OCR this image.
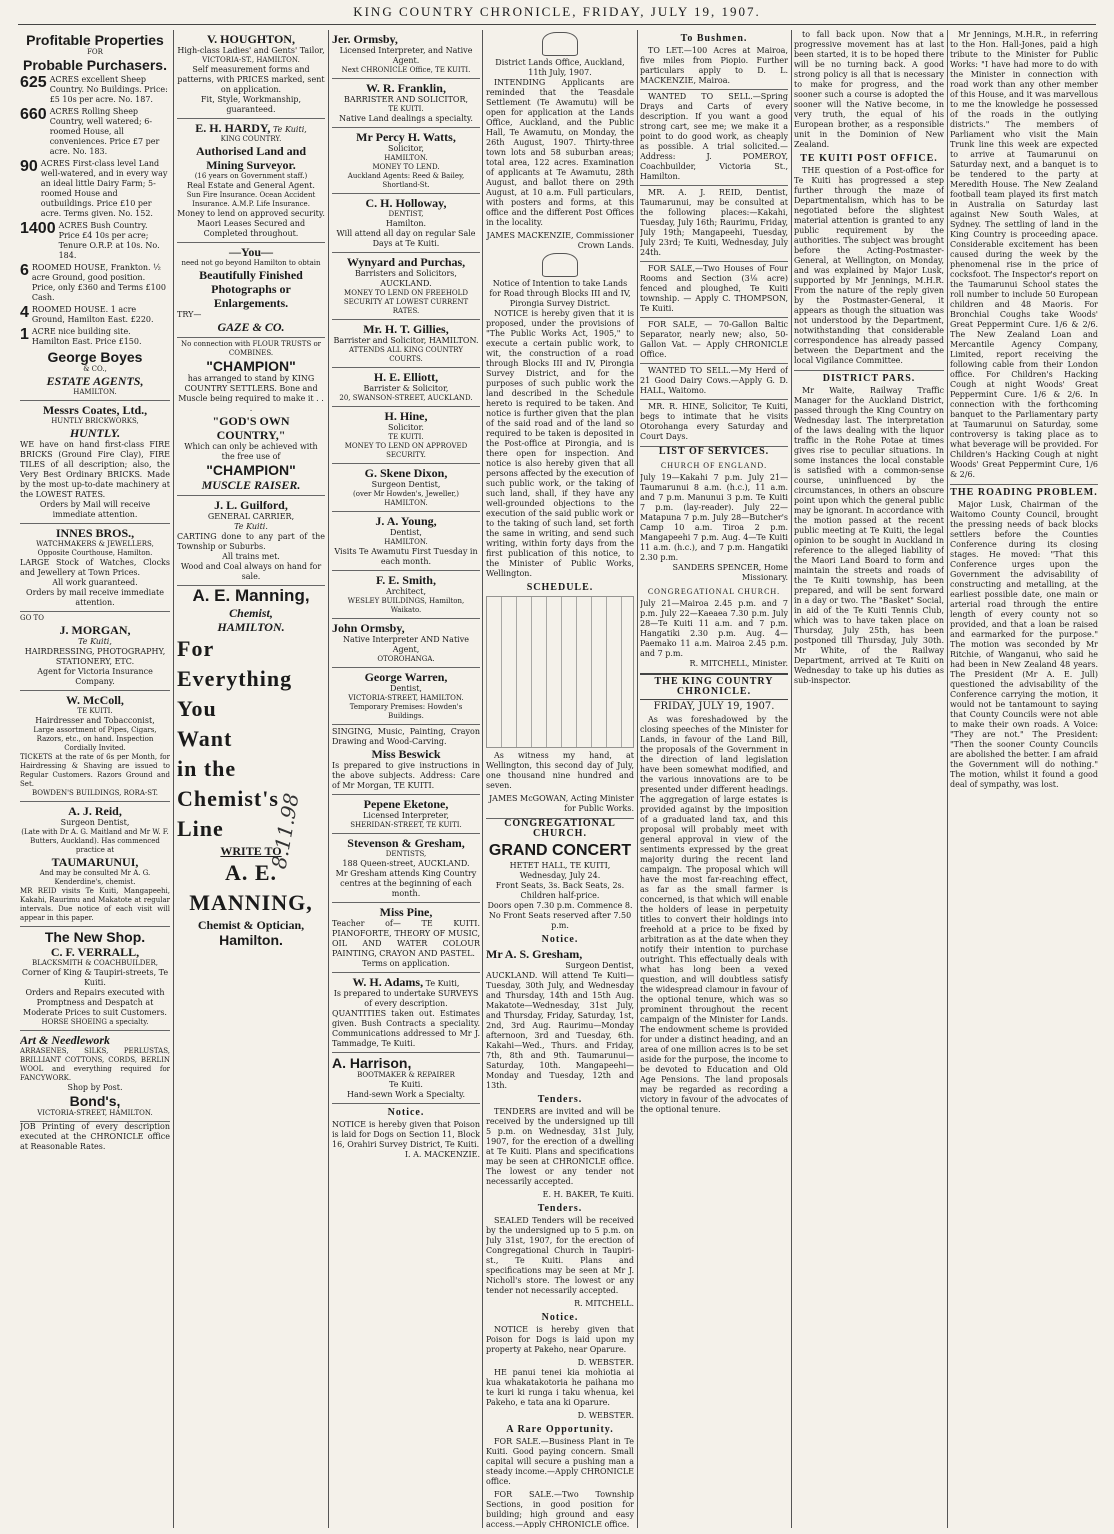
KING COUNTRY CHRONICLE, FRIDAY, JULY 19, 1907.
Profitable Properties
FOR
Probable Purchasers.
625 ACRES excellent Sheep Country. No Buildings. Price: £5 10s per acre. No. 187.
660 ACRES Rolling Sheep Country, well watered; 6-roomed House, all conveniences. Price £7 per acre. No. 183.
90 ACRES First-class level Land well-watered, and in every way an ideal little Dairy Farm; 5-roomed House and outbuildings. Price £10 per acre. Terms given. No. 152.
1400 ACRES Bush Country. Price £4 10s per acre; Tenure O.R.P. at 10s. No. 184.
6 ROOMED HOUSE, Frankton. ½ acre Ground, good position. Price, only £360 and Terms £100 Cash.
4 ROOMED HOUSE. 1 acre Ground, Hamilton East. £220.
1 ACRE nice building site. Hamilton East. Price £150.
George Boyes
& CO.,
ESTATE AGENTS,
HAMILTON.
Messrs Coates, Ltd.,
HUNTLY BRICKWORKS,
HUNTLY.
WE have on hand first-class FIRE BRICKS (Ground Fire Clay), FIRE TILES of all description; also, the Very Best Ordinary BRICKS. Made by the most up-to-date machinery at the LOWEST RATES.
Orders by Mail will receive immediate attention.
INNES BROS.,
WATCHMAKERS & JEWELLERS,
Opposite Courthouse, Hamilton.
LARGE Stock of Watches, Clocks and Jewellery at Town Prices.
All work guaranteed.
Orders by mail receive immediate attention.
GO TO
J. MORGAN,
Te Kuiti,
HAIRDRESSING, PHOTOGRAPHY, STATIONERY, ETC.
Agent for Victoria Insurance Company.
W. McColl,
TE KUITI.
Hairdresser and Tobacconist,
Large assortment of Pipes, Cigars, Razors, etc., on hand. Inspection Cordially Invited.
TICKETS at the rate of 6s per Month, for Hairdressing & Shaving are issued to Regular Customers. Razors Ground and Set.
BOWDEN'S BUILDINGS, RORA-ST.
A. J. Reid,
Surgeon Dentist,
(Late with Dr A. G. Maitland and Mr W. F. Butters, Auckland). Has commenced practice at
TAUMARUNUI,
And may be consulted Mr A. G. Kenderdine's, chemist.
MR REID visits Te Kuiti, Mangapeehi, Kakahi, Raurimu and Makatote at regular intervals. Due notice of each visit will appear in this paper.
The New Shop.
C. F. VERRALL,
BLACKSMITH & COACHBUILDER,
Corner of King & Taupiri-streets, Te Kuiti.
Orders and Repairs executed with Promptness and Despatch at Moderate Prices to suit Customers.
HORSE SHOEING a specialty.
Art & Needlework
ARRASENES, SILKS, PERLUSTAS, BRILLIANT COTTONS, CORDS, BERLIN WOOL and everything required for FANCYWORK.
Shop by Post.
Bond's,
VICTORIA-STREET, HAMILTON.
JOB Printing of every description executed at the CHRONICLE office at Reasonable Rates.
V. HOUGHTON,
High-class Ladies' and Gents' Tailor,
VICTORIA-ST., HAMILTON.
Self measurement forms and patterns, with PRICES marked, sent on application.
Fit, Style, Workmanship, guaranteed.
E. H. HARDY, Te Kuiti,
KING COUNTRY.
Authorised Land and Mining Surveyor.
(16 years on Government staff.)
Real Estate and General Agent.
Sun Fire Insurance. Ocean Accident Insurance. A.M.P. Life Insurance.
Money to lend on approved security.
Maori Leases Secured and Completed throughout.
—You—
need not go beyond Hamilton to obtain
Beautifully Finished Photographs or Enlargements.
TRY—
GAZE & CO.
No connection with FLOUR TRUSTS or COMBINES.
"CHAMPION"
has arranged to stand by KING COUNTRY SETTLERS. Bone and Muscle being required to make it . . .
"GOD'S OWN COUNTRY,"
Which can only be achieved with the free use of
"CHAMPION"
MUSCLE RAISER.
J. L. Guilford,
GENERAL CARRIER,
Te Kuiti.
CARTING done to any part of the Township or Suburbs.
All trains met.
Wood and Coal always on hand for sale.
A. E. Manning,
Chemist,
HAMILTON.
For
Everything
You
Want
in the
Chemist's
Line
WRITE TO
A. E.
MANNING,
Chemist & Optician,
Hamilton.
8.11.98
Jer. Ormsby,
Licensed Interpreter, and Native Agent.
Next CHRONICLE Office, TE KUITI.
W. R. Franklin,
BARRISTER AND SOLICITOR,
TE KUITI.
Native Land dealings a specialty.
Mr Percy H. Watts,
Solicitor,
HAMILTON.
MONEY TO LEND.
Auckland Agents: Reed & Bailey, Shortland-St.
C. H. Holloway,
DENTIST,
Hamilton.
Will attend all day on regular Sale Days at Te Kuiti.
Wynyard and Purchas,
Barristers and Solicitors, AUCKLAND.
MONEY TO LEND ON FREEHOLD SECURITY AT LOWEST CURRENT RATES.
Mr. H. T. Gillies,
Barrister and Solicitor, HAMILTON.
ATTENDS ALL KING COUNTRY COURTS.
H. E. Elliott,
Barrister & Solicitor,
20, SWANSON-STREET, AUCKLAND.
H. Hine,
Solicitor.
TE KUITI.
MONEY TO LEND ON APPROVED SECURITY.
G. Skene Dixon,
Surgeon Dentist,
(over Mr Howden's, Jeweller,) HAMILTON.
J. A. Young,
Dentist,
HAMILTON.
Visits Te Awamutu First Tuesday in each month.
F. E. Smith,
Architect,
WESLEY BUILDINGS, Hamilton, Waikato.
John Ormsby,
Native Interpreter AND Native Agent,
OTOROHANGA.
George Warren,
Dentist,
VICTORIA-STREET, HAMILTON.
Temporary Premises: Howden's Buildings.
SINGING, Music, Painting, Crayon Drawing and Wood-Carving.
Miss Beswick
Is prepared to give instructions in the above subjects. Address: Care of Mr Morgan, TE KUITI.
Pepene Eketone,
Licensed Interpreter,
SHERIDAN-STREET, TE KUITI.
Stevenson & Gresham,
DENTISTS,
188 Queen-street, AUCKLAND.
Mr Gresham attends King Country centres at the beginning of each month.
Miss Pine,
Teacher of— TE KUITI. PIANOFORTE, THEORY OF MUSIC, OIL AND WATER COLOUR PAINTING, CRAYON AND PASTEL.
Terms on application.
W. H. Adams, Te Kuiti,
Is prepared to undertake SURVEYS of every description.
QUANTITIES taken out. Estimates given. Bush Contracts a speciality. Communications addressed to Mr J. Tammadge, Te Kuiti.
A. Harrison,
BOOTMAKER & REPAIRER
Te Kuiti.
Hand-sewn Work a Specialty.
Notice.
NOTICE is hereby given that Poison is laid for Dogs on Section 11, Block 16, Orahiri Survey District, Te Kuiti.
I. A. MACKENZIE.
District Lands Office, Auckland, 11th July, 1907.

INTENDING Applicants are reminded that the Teasdale Settlement (Te Awamutu) will be open for application at the Lands Office, Auckland, and the Public Hall, Te Awamutu, on Monday, the 26th August, 1907. Thirty-three town lots and 58 suburban areas; total area, 122 acres. Examination of applicants at Te Awamutu, 28th August, and ballot there on 29th August, at 10 a.m. Full particulars, with posters and forms, at this office and the different Post Offices in the locality.

JAMES MACKENZIE, Commissioner Crown Lands.
Notice of Intention to take Lands for Road through Blocks III and IV, Pirongia Survey District.

NOTICE is hereby given that it is proposed, under the provisions of "The Public Works Act, 1905," to execute a certain public work, to wit, the construction of a road through Blocks III and IV, Pirongia Survey District, and for the purposes of such public work the land described in the Schedule hereto is required to be taken. And notice is further given that the plan of the said road and of the land so required to be taken is deposited in the Post-office at Pirongia, and is there open for inspection. And notice is also hereby given that all persons affected by the execution of such public work, or the taking of such land, shall, if they have any well-grounded objections to the execution of the said public work or to the taking of such land, set forth the same in writing, and send such writing, within forty days from the first publication of this notice, to the Minister of Public Works, Wellington.

SCHEDULE.

As witness my hand, at Wellington, this second day of July, one thousand nine hundred and seven.

JAMES McGOWAN, Acting Minister for Public Works.
CONGREGATIONAL CHURCH.
GRAND CONCERT
HETET HALL, TE KUITI, Wednesday, July 24.
Front Seats, 3s. Back Seats, 2s. Children half-price.
Doors open 7.30 p.m. Commence 8. No Front Seats reserved after 7.50 p.m.
Notice.
Mr A. S. Gresham,
Surgeon Dentist,
AUCKLAND. Will attend Te Kuiti—Tuesday, 30th July, and Wednesday and Thursday, 14th and 15th Aug. Makatote—Wednesday, 31st July, and Thursday, Friday, Saturday, 1st, 2nd, 3rd Aug. Raurimu—Monday afternoon, 3rd and Tuesday, 6th. Kakahi—Wed., Thurs. and Friday, 7th, 8th and 9th. Taumarunui—Saturday, 10th. Mangapeehi—Monday and Tuesday, 12th and 13th.
Tenders.

TENDERS are invited and will be received by the undersigned up till 5 p.m. on Wednesday, 31st July, 1907, for the erection of a dwelling at Te Kuiti. Plans and specifications may be seen at CHRONICLE office. The lowest or any tender not necessarily accepted.

E. H. BAKER, Te Kuiti.
Tenders.

SEALED Tenders will be received by the undersigned up to 5 p.m. on July 31st, 1907, for the erection of Congregational Church in Taupiri-st., Te Kuiti. Plans and specifications may be seen at Mr J. Nicholl's store. The lowest or any tender not necessarily accepted.

R. MITCHELL.
Notice.

NOTICE is hereby given that Poison for Dogs is laid upon my property at Pakeho, near Oparure.

D. WEBSTER.

HE panui tenei kia mohiotia ai kua whakatakotoria he paihana mo te kuri ki runga i taku whenua, kei Pakeho, e tata ana ki Oparure.

D. WEBSTER.
A Rare Opportunity.

FOR SALE.—Business Plant in Te Kuiti. Good paying concern. Small capital will secure a pushing man a steady income.—Apply CHRONICLE office.

FOR SALE.—Two Township Sections, in good position for building; high ground and easy access.—Apply CHRONICLE office.

To Bushmen.

TO LET.—100 Acres at Mairoa, five miles from Piopio. Further particulars apply to D. L. MACKENZIE, Mairoa.

WANTED TO SELL.—Spring Drays and Carts of every description. If you want a good strong cart, see me; we make it a point to do good work, as cheaply as possible. A trial solicited.—Address: J. POMEROY, Coachbuilder, Victoria St., Hamilton.

MR. A. J. REID, Dentist, Taumarunui, may be consulted at the following places:—Kakahi, Tuesday, July 16th; Raurimu, Friday, July 19th; Mangapeehi, Tuesday, July 23rd; Te Kuiti, Wednesday, July 24th.

FOR SALE,—Two Houses of Four Rooms and Section (3⅛ acre) fenced and ploughed, Te Kuiti township. — Apply C. THOMPSON, Te Kuiti.

FOR SALE, — 70-Gallon Baltic Separator, nearly new; also, 50-Gallon Vat. — Apply CHRONICLE Office.

WANTED TO SELL.—My Herd of 21 Good Dairy Cows.—Apply G. D. HALL, Waitomo.

MR. R. HINE, Solicitor, Te Kuiti, begs to intimate that he visits Otorohanga every Saturday and Court Days.

LIST OF SERVICES.
CHURCH OF ENGLAND.
July 19—Kakahi 7 p.m. July 21—Taumarunui 8 a.m. (h.c.), 11 a.m. and 7 p.m. Manunui 3 p.m. Te Kuiti 7 p.m. (lay-reader). July 22—Matapuna 7 p.m. July 28—Butcher's Camp 10 a.m. Tiroa 2 p.m. Mangapeehi 7 p.m. Aug. 4—Te Kuiti 11 a.m. (h.c.), and 7 p.m. Hangatiki 2.30 p.m.
SANDERS SPENCER, Home Missionary.
CONGREGATIONAL CHURCH.
July 21—Mairoa 2.45 p.m. and 7 p.m. July 22—Kaeaea 7.30 p.m. July 28—Te Kuiti 11 a.m. and 7 p.m. Hangatiki 2.30 p.m. Aug. 4—Paemako 11 a.m. Mairoa 2.45 p.m. and 7 p.m.
R. MITCHELL, Minister.
THE KING COUNTRY CHRONICLE.
FRIDAY, JULY 19, 1907.

As was foreshadowed by the closing speeches of the Minister for Lands, in favour of the Land Bill, the proposals of the Government in the direction of land legislation have been somewhat modified, and the various innovations are to be presented under different headings. The aggregation of large estates is provided against by the imposition of a graduated land tax, and this proposal will probably meet with general approval in view of the sentiments expressed by the great majority during the recent land campaign. The proposal which will have the most far-reaching effect, as far as the small farmer is concerned, is that which will enable the holders of lease in perpetuity titles to convert their holdings into freehold at a price to be fixed by arbitration as at the date when they notify their intention to purchase outright. This effectually deals with what has long been a vexed question, and will doubtless satisfy the widespread clamour in favour of the optional tenure, which was so prominent throughout the recent campaign of the Minister for Lands. The endowment scheme is provided for under a distinct heading, and an area of one million acres is to be set aside for the purpose, the income to be devoted to Education and Old Age Pensions. The land proposals may be regarded as recording a victory in favour of the advocates of the optional tenure.

to fall back upon. Now that a progressive movement has at last been started, it is to be hoped there will be no turning back. A good strong policy is all that is necessary to make for progress, and the sooner such a course is adopted the sooner will the Native become, in very truth, the equal of his European brother, as a responsible unit in the Dominion of New Zealand.

TE KUITI POST OFFICE.

THE question of a Post-office for Te Kuiti has progressed a step further through the maze of Departmentalism, which has to be negotiated before the slightest material attention is granted to any public requirement by the authorities. The subject was brought before the Acting-Postmaster-General, at Wellington, on Monday, and was explained by Major Lusk, supported by Mr Jennings, M.H.R. From the nature of the reply given by the Postmaster-General, it appears as though the situation was not understood by the Department, notwithstanding that considerable correspondence has already passed between the Department and the local Vigilance Committee.

DISTRICT PARS.

Mr Waite, Railway Traffic Manager for the Auckland District, passed through the King Country on Wednesday last. The interpretation of the laws dealing with the liquor traffic in the Rohe Potae at times gives rise to peculiar situations. In some instances the local constable is satisfied with a common-sense course, uninfluenced by the circumstances, in others an obscure point upon which the general public may be ignorant. In accordance with the motion passed at the recent public meeting at Te Kuiti, the legal opinion to be sought in Auckland in reference to the alleged liability of the Maori Land Board to form and maintain the streets and roads of the Te Kuiti township, has been prepared, and will be sent forward in a day or two. The "Basket" Social, in aid of the Te Kuiti Tennis Club, which was to have taken place on Thursday, July 25th, has been postponed till Thursday, July 30th. Mr White, of the Railway Department, arrived at Te Kuiti on Wednesday to take up his duties as sub-inspector.

Mr Jennings, M.H.R., in referring to the Hon. Hall-Jones, paid a high tribute to the Minister for Public Works: "I have had more to do with the Minister in connection with road work than any other member of this House, and it was marvellous to me the knowledge he possessed of the roads in the outlying districts." The members of Parliament who visit the Main Trunk line this week are expected to arrive at Taumarunui on Saturday next, and a banquet is to be tendered to the party at Meredith House. The New Zealand football team played its first match in Australia on Saturday last against New South Wales, at Sydney. The settling of land in the King Country is proceeding apace. Considerable excitement has been caused during the week by the phenomenal rise in the price of cocksfoot. The Inspector's report on the Taumarunui School states the roll number to include 50 European children and 48 Maoris. For Bronchial Coughs take Woods' Great Peppermint Cure. 1/6 & 2/6. The New Zealand Loan and Mercantile Agency Company, Limited, report receiving the following cable from their London office. For Children's Hacking Cough at night Woods' Great Peppermint Cure. 1/6 & 2/6. In connection with the forthcoming banquet to the Parliamentary party at Taumarunui on Saturday, some controversy is taking place as to what beverage will be provided. For Children's Hacking Cough at night Woods' Great Peppermint Cure, 1/6 & 2/6.

THE ROADING PROBLEM.

Major Lusk, Chairman of the Waitomo County Council, brought the pressing needs of back blocks settlers before the Counties Conference during its closing stages. He moved: "That this Conference urges upon the Government the advisability of constructing and metalling, at the earliest possible date, one main or arterial road through the entire length of every county not so provided, and that a loan be raised and earmarked for the purpose." The motion was seconded by Mr Ritchie, of Wanganui, who said he had been in New Zealand 48 years. The President (Mr A. E. Jull) questioned the advisability of the Conference carrying the motion, it would not be tantamount to saying that County Councils were not able to make their own roads. A Voice: "They are not." The President: "Then the sooner County Councils are abolished the better. I am afraid the Government will do nothing." The motion, whilst it found a good deal of sympathy, was lost.
